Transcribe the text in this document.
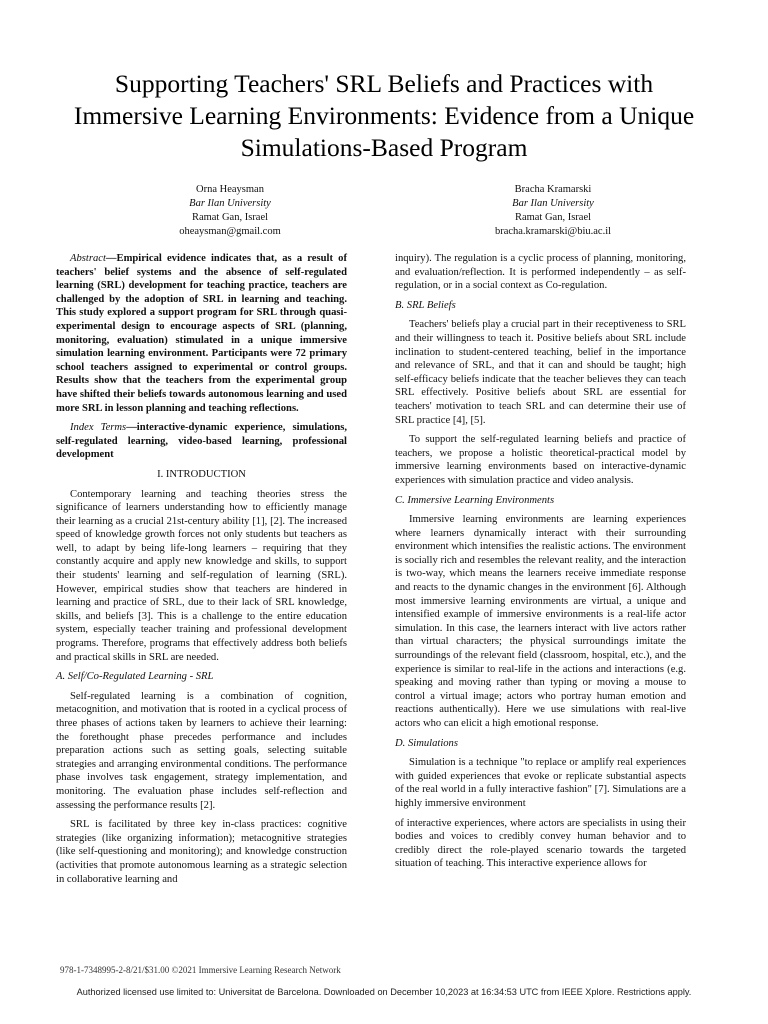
Supporting Teachers' SRL Beliefs and Practices with Immersive Learning Environments: Evidence from a Unique Simulations-Based Program
Orna Heaysman
Bar Ilan University
Ramat Gan, Israel
oheaysman@gmail.com
Bracha Kramarski
Bar Ilan University
Ramat Gan, Israel
bracha.kramarski@biu.ac.il

Abstract—Empirical evidence indicates that, as a result of teachers' belief systems and the absence of self-regulated learning (SRL) development for teaching practice, teachers are challenged by the adoption of SRL in learning and teaching. This study explored a support program for SRL through quasi-experimental design to encourage aspects of SRL (planning, monitoring, evaluation) stimulated in a unique immersive simulation learning environment. Participants were 72 primary school teachers assigned to experimental or control groups. Results show that the teachers from the experimental group have shifted their beliefs towards autonomous learning and used more SRL in lesson planning and teaching reflections.

Index Terms—interactive-dynamic experience, simulations, self-regulated learning, video-based learning, professional development

I. INTRODUCTION

Contemporary learning and teaching theories stress the significance of learners understanding how to efficiently manage their learning as a crucial 21st-century ability [1], [2]. The increased speed of knowledge growth forces not only students but teachers as well, to adapt by being life-long learners – requiring that they constantly acquire and apply new knowledge and skills, to support their students' learning and self-regulation of learning (SRL). However, empirical studies show that teachers are hindered in learning and practice of SRL, due to their lack of SRL knowledge, skills, and beliefs [3]. This is a challenge to the entire education system, especially teacher training and professional development programs. Therefore, programs that effectively address both beliefs and practical skills in SRL are needed.

A. Self/Co-Regulated Learning - SRL

Self-regulated learning is a combination of cognition, metacognition, and motivation that is rooted in a cyclical process of three phases of actions taken by learners to achieve their learning: the forethought phase precedes performance and includes preparation actions such as setting goals, selecting suitable strategies and arranging environmental conditions. The performance phase involves task engagement, strategy implementation, and monitoring. The evaluation phase includes self-reflection and assessing the performance results [2].

SRL is facilitated by three key in-class practices: cognitive strategies (like organizing information); metacognitive strategies (like self-questioning and monitoring); and knowledge construction (activities that promote autonomous learning as a strategic selection in collaborative learning and

inquiry). The regulation is a cyclic process of planning, monitoring, and evaluation/reflection. It is performed independently – as self-regulation, or in a social context as Co-regulation.

B. SRL Beliefs

Teachers' beliefs play a crucial part in their receptiveness to SRL and their willingness to teach it. Positive beliefs about SRL include inclination to student-centered teaching, belief in the importance and relevance of SRL, and that it can and should be taught; high self-efficacy beliefs indicate that the teacher believes they can teach SRL effectively. Positive beliefs about SRL are essential for teachers' motivation to teach SRL and can determine their use of SRL practice [4], [5].

To support the self-regulated learning beliefs and practice of teachers, we propose a holistic theoretical-practical model by immersive learning environments based on interactive-dynamic experiences with simulation practice and video analysis.

C. Immersive Learning Environments

Immersive learning environments are learning experiences where learners dynamically interact with their surrounding environment which intensifies the realistic actions. The environment is socially rich and resembles the relevant reality, and the interaction is two-way, which means the learners receive immediate response and reacts to the dynamic changes in the environment [6]. Although most immersive learning environments are virtual, a unique and intensified example of immersive environments is a real-life actor simulation. In this case, the learners interact with live actors rather than virtual characters; the physical surroundings imitate the surroundings of the relevant field (classroom, hospital, etc.), and the experience is similar to real-life in the actions and interactions (e.g. speaking and moving rather than typing or moving a mouse to control a virtual image; actors who portray human emotion and reactions authentically). Here we use simulations with real-live actors who can elicit a high emotional response.

D. Simulations

Simulation is a technique "to replace or amplify real experiences with guided experiences that evoke or replicate substantial aspects of the real world in a fully interactive fashion" [7]. Simulations are a highly immersive environment

of interactive experiences, where actors are specialists in using their bodies and voices to credibly convey human behavior and to credibly direct the role-played scenario towards the targeted situation of teaching. This interactive experience allows for

978-1-7348995-2-8/21/$31.00 ©2021 Immersive Learning Research Network
Authorized licensed use limited to: Universitat de Barcelona. Downloaded on December 10,2023 at 16:34:53 UTC from IEEE Xplore. Restrictions apply.
